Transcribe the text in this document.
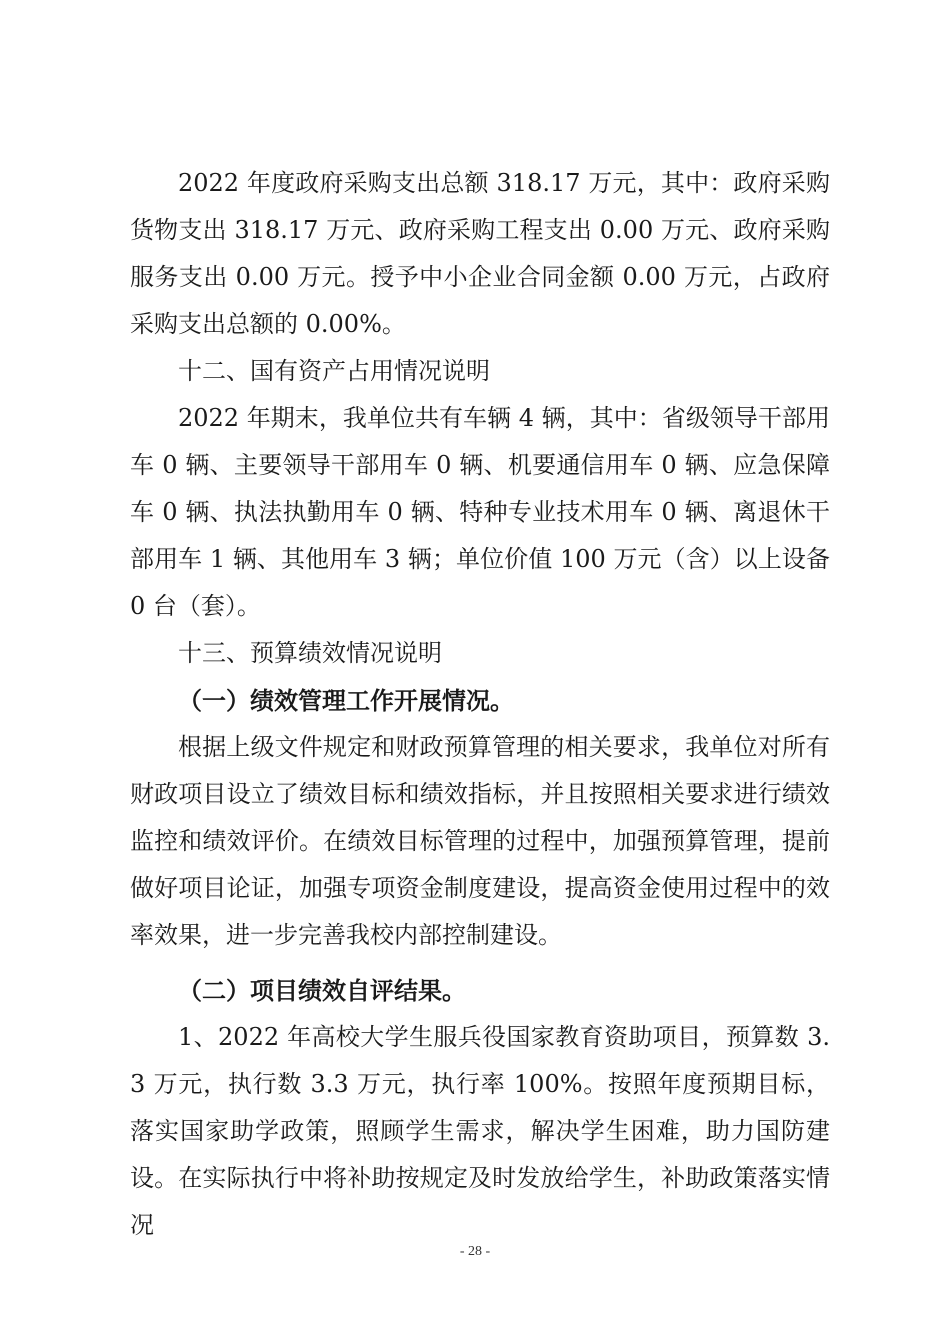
2022 年度政府采购支出总额 318.17 万元，其中：政府采购货物支出 318.17 万元、政府采购工程支出 0.00 万元、政府采购服务支出 0.00 万元。授予中小企业合同金额 0.00 万元，占政府采购支出总额的 0.00%。

十二、国有资产占用情况说明

2022 年期末，我单位共有车辆 4 辆，其中：省级领导干部用车 0 辆、主要领导干部用车 0 辆、机要通信用车 0 辆、应急保障车 0 辆、执法执勤用车 0 辆、特种专业技术用车 0 辆、离退休干部用车 1 辆、其他用车 3 辆；单位价值 100 万元（含）以上设备 0 台（套）。

十三、预算绩效情况说明

（一）绩效管理工作开展情况。

根据上级文件规定和财政预算管理的相关要求，我单位对所有财政项目设立了绩效目标和绩效指标，并且按照相关要求进行绩效监控和绩效评价。在绩效目标管理的过程中，加强预算管理，提前做好项目论证，加强专项资金制度建设，提高资金使用过程中的效率效果，进一步完善我校内部控制建设。

（二）项目绩效自评结果。

1、2022 年高校大学生服兵役国家教育资助项目，预算数 3.3 万元，执行数 3.3 万元，执行率 100%。按照年度预期目标，落实国家助学政策，照顾学生需求，解决学生困难，助力国防建设。在实际执行中将补助按规定及时发放给学生，补助政策落实情况

- 28 -
